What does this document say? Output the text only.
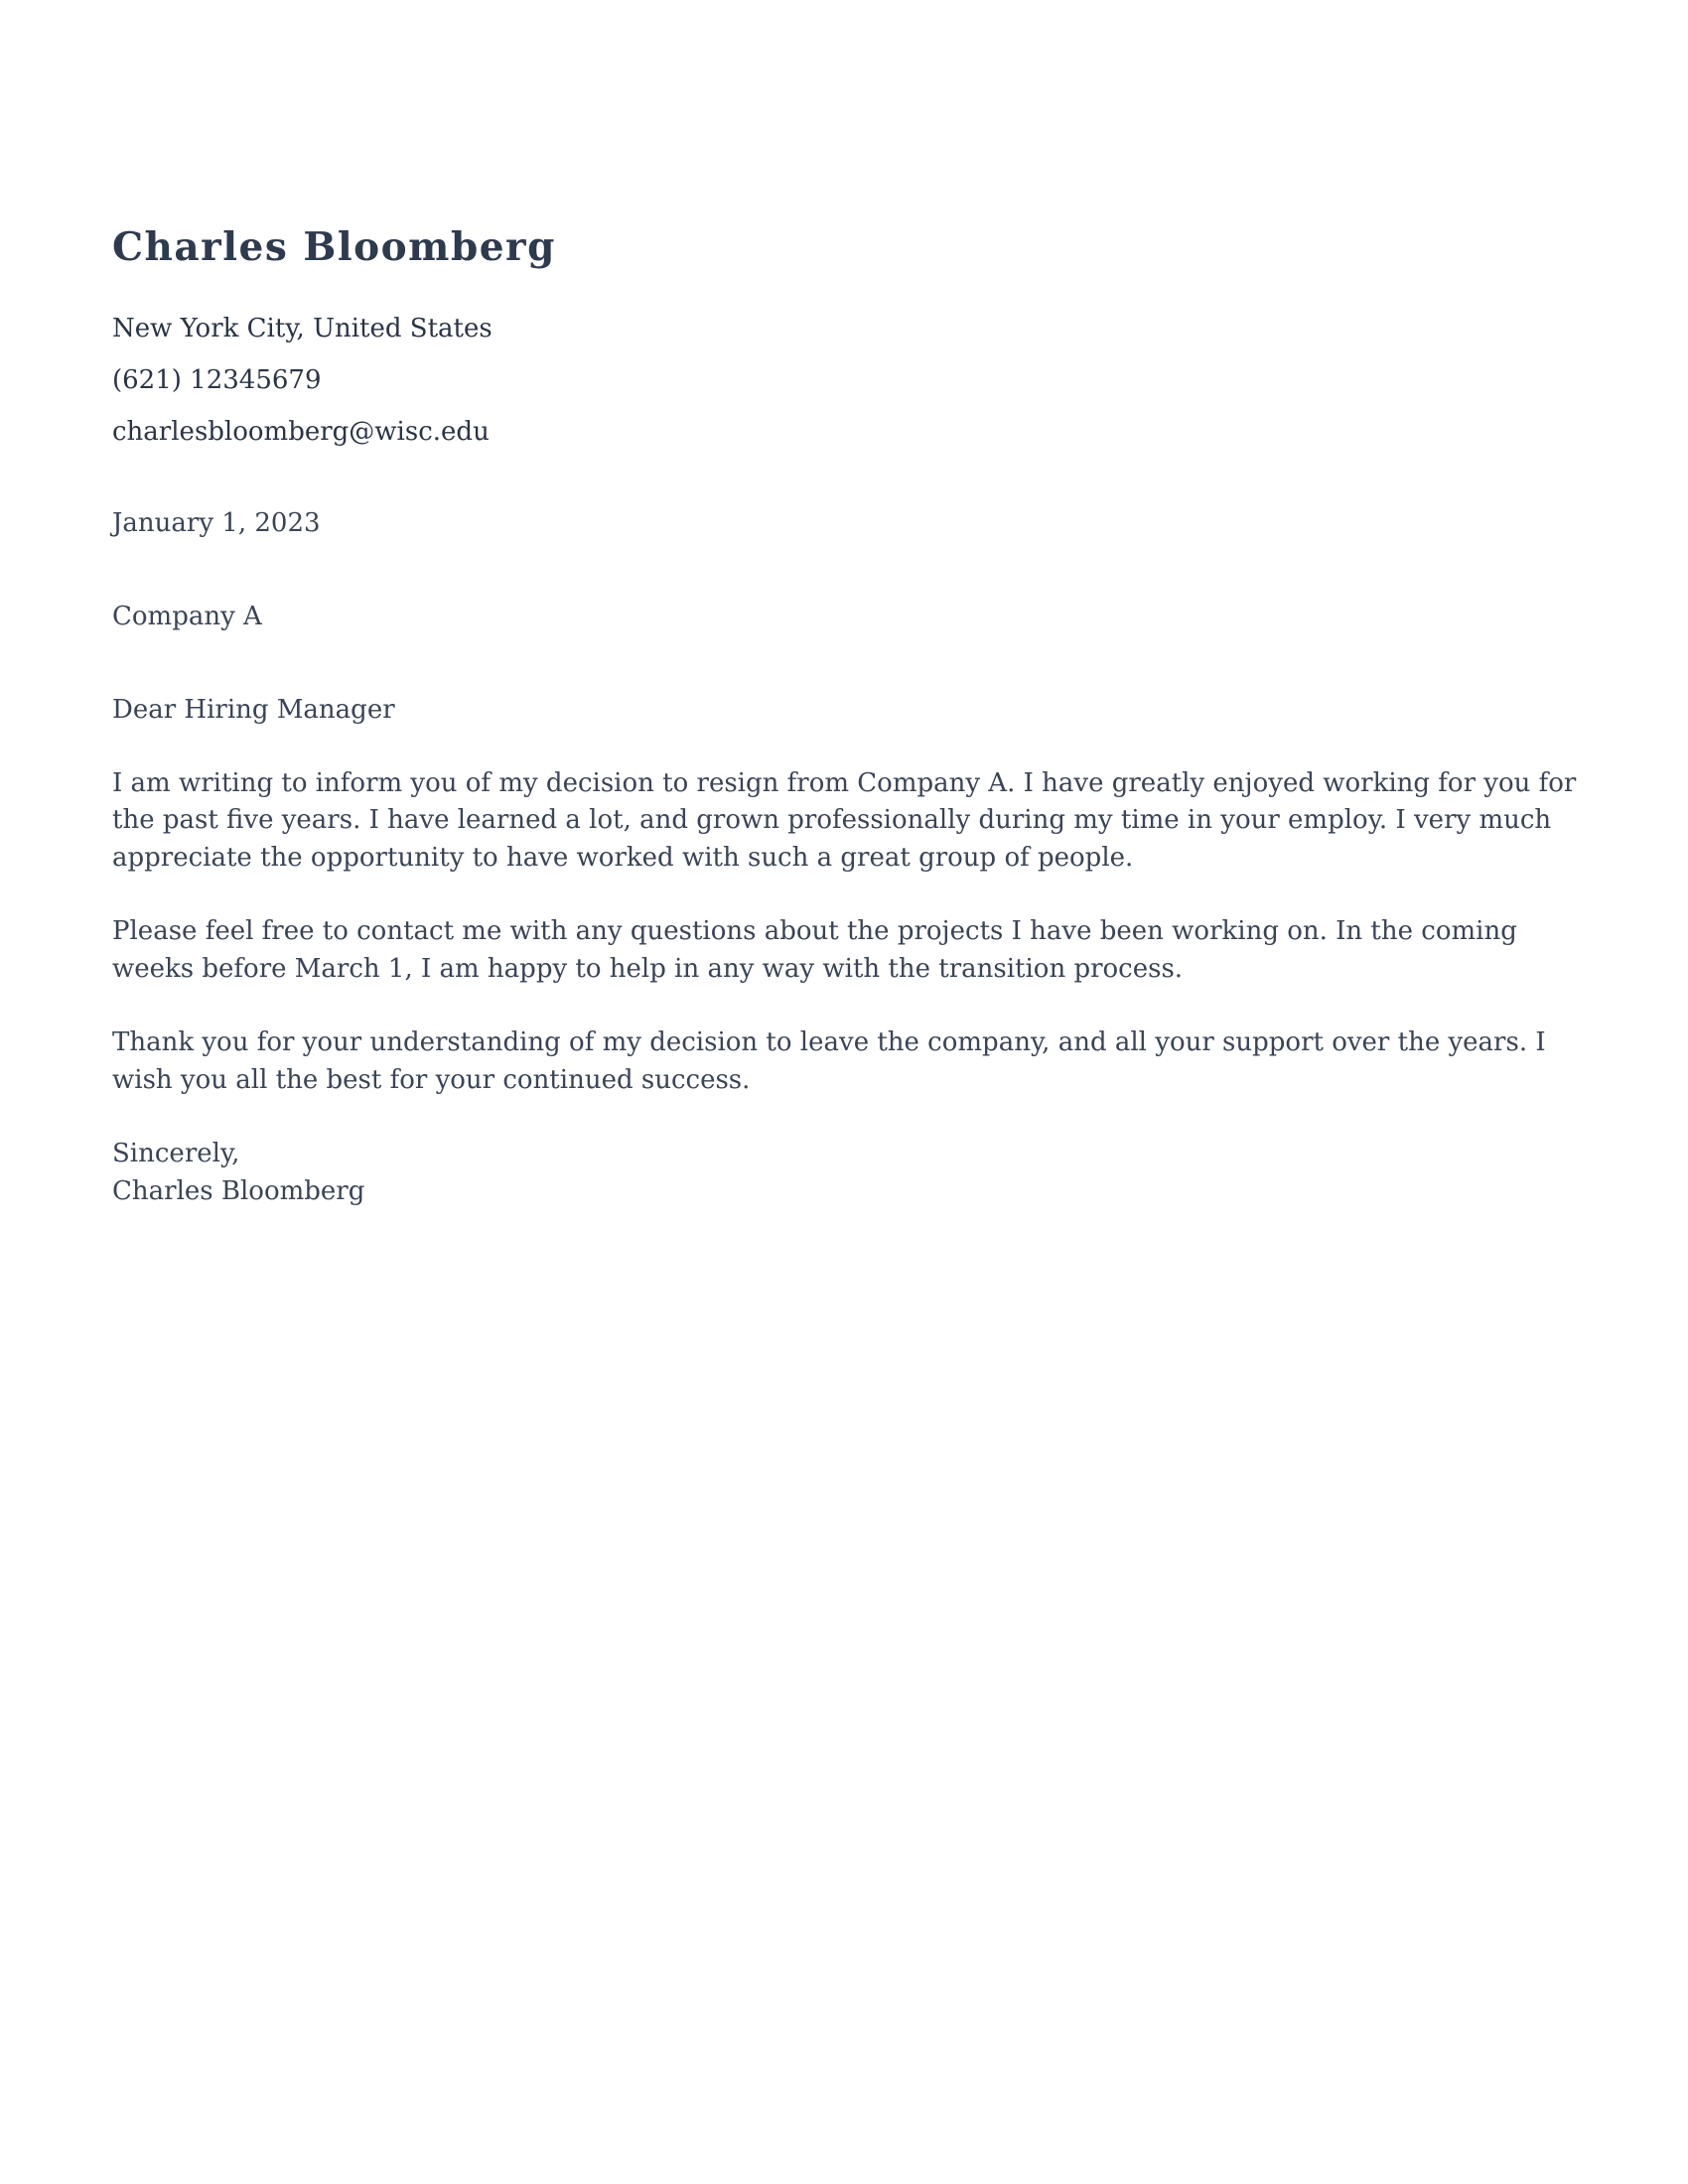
Charles Bloomberg
New York City, United States
(621) 12345679
charlesbloomberg@wisc.edu
January 1, 2023
Company A
Dear Hiring Manager

I am writing to inform you of my decision to resign from Company A. I have greatly enjoyed working for you for the past five years. I have learned a lot, and grown professionally during my time in your employ. I very much appreciate the opportunity to have worked with such a great group of people.

Please feel free to contact me with any questions about the projects I have been working on. In the coming weeks before March 1, I am happy to help in any way with the transition process.

Thank you for your understanding of my decision to leave the company, and all your support over the years. I wish you all the best for your continued success.

Sincerely,
Charles Bloomberg
